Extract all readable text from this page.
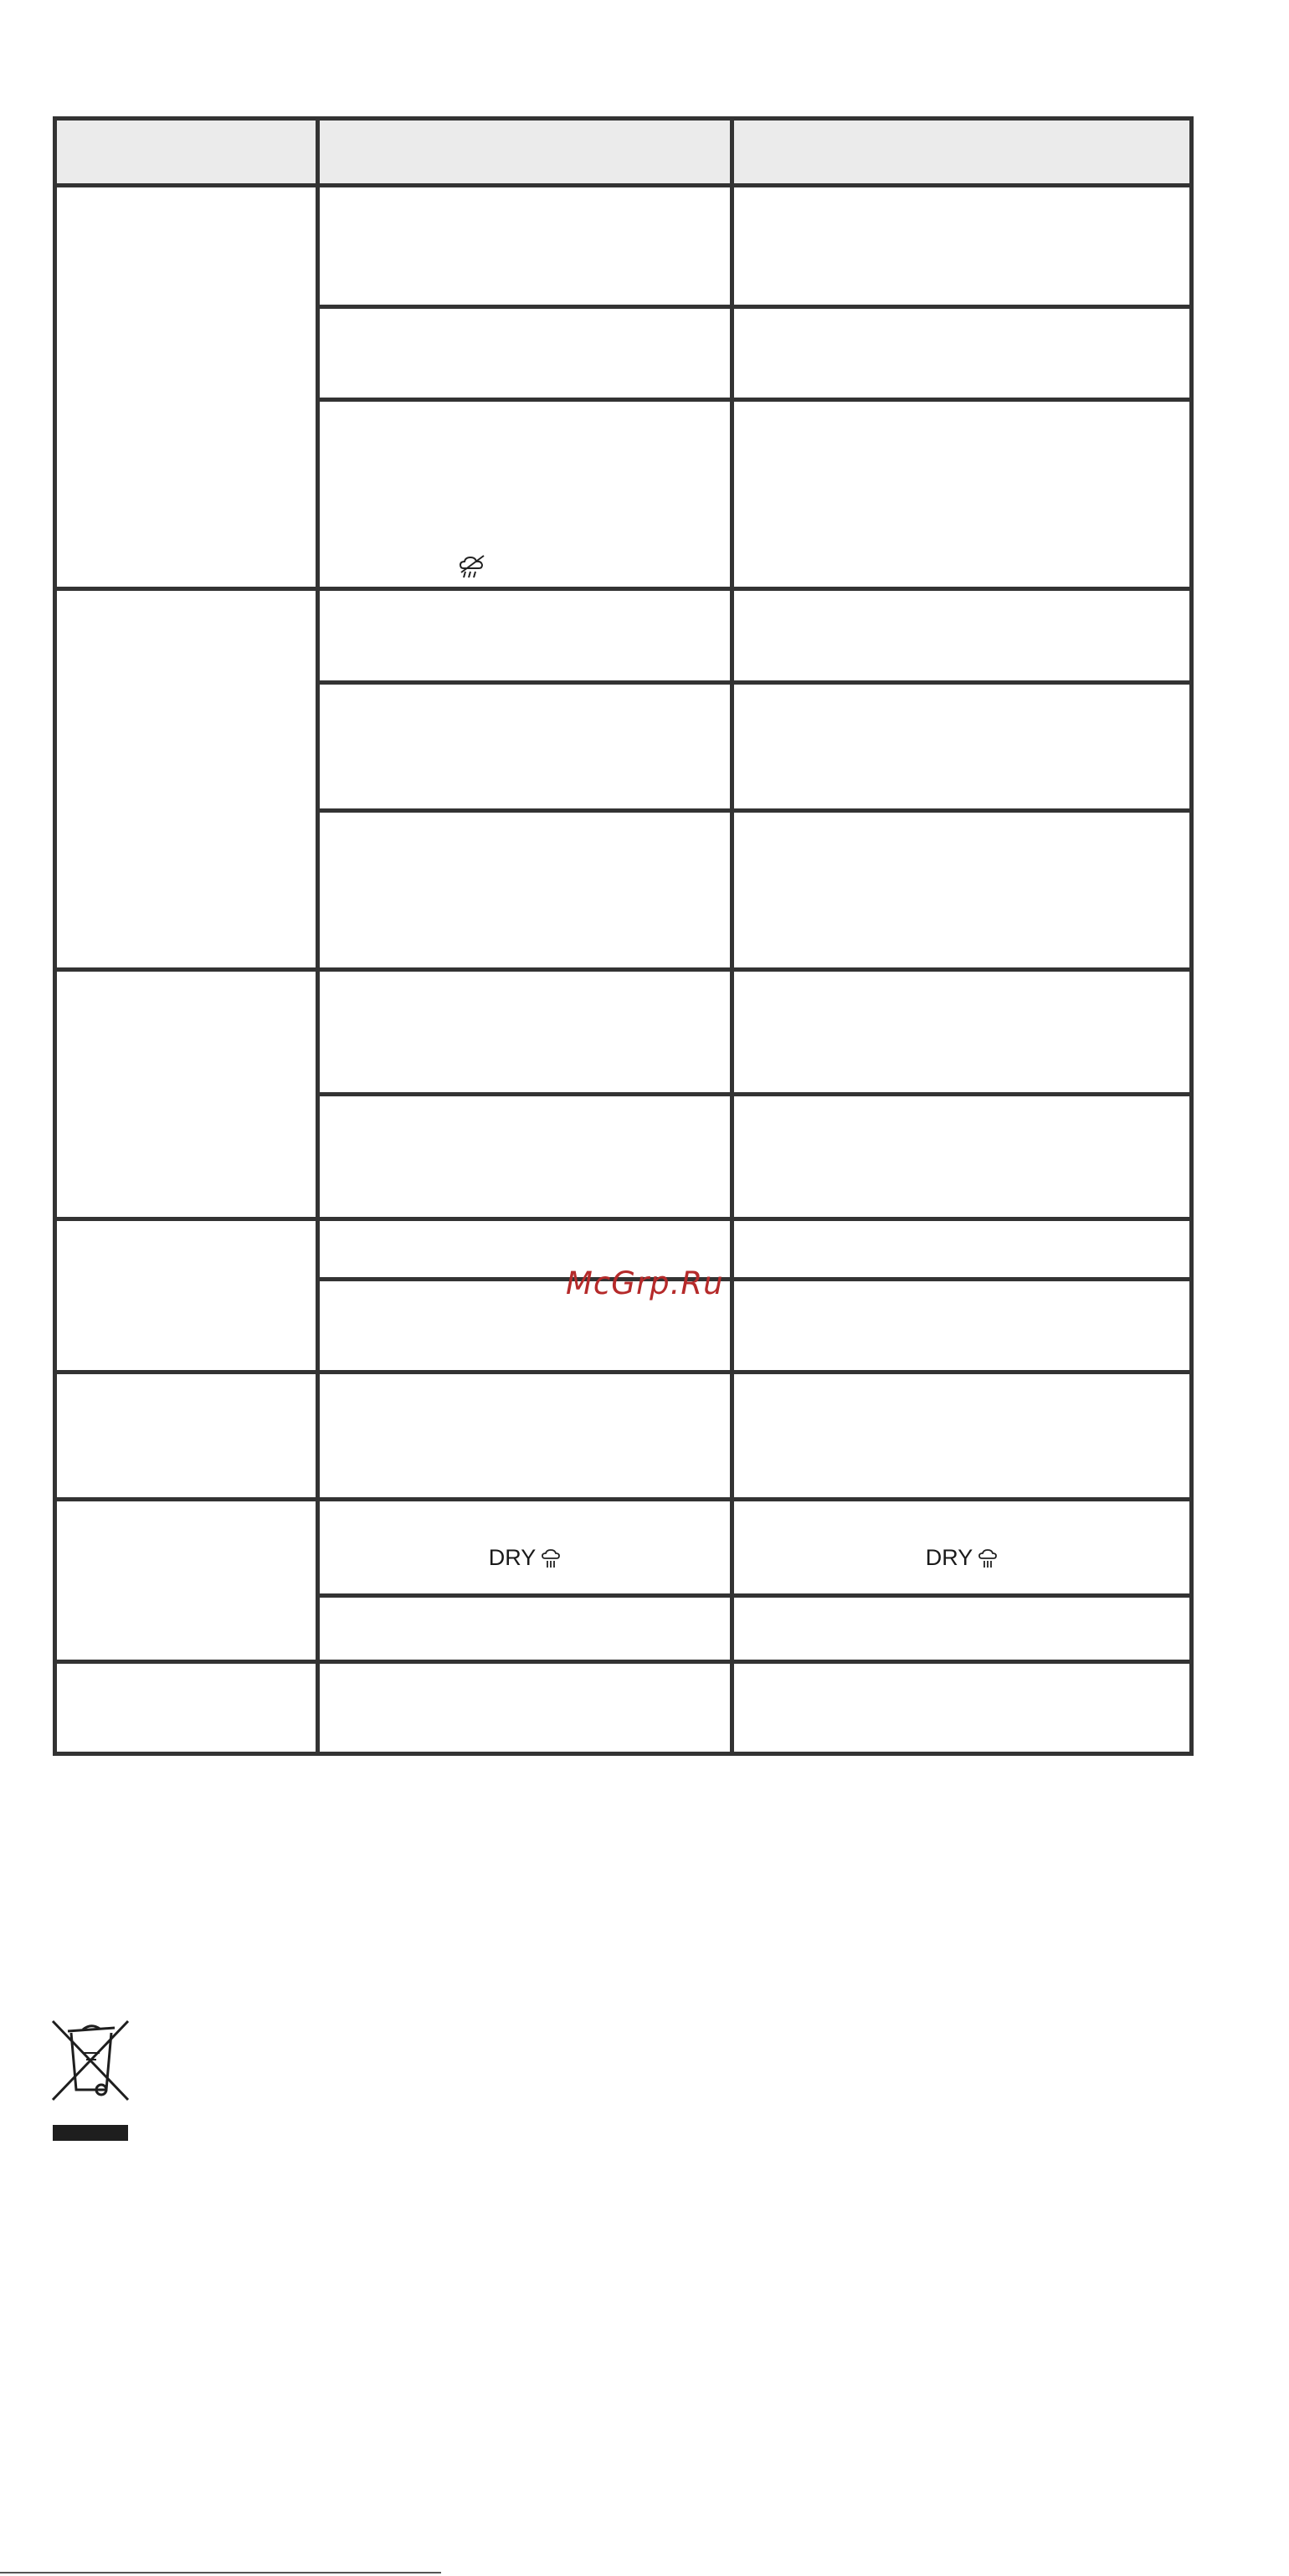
	DRY	DRY

McGrp.Ru
